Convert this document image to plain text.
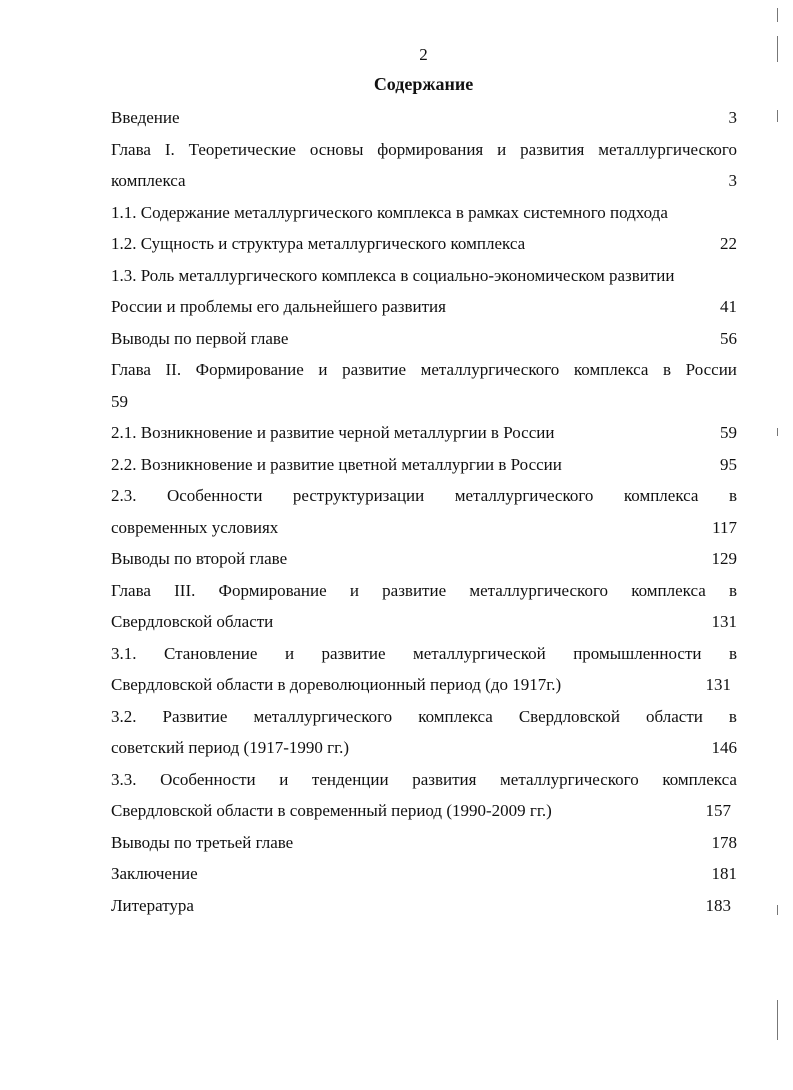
2
Содержание
Введение	3
Глава I. Теоретические основы формирования и развития металлургического
комплекса	3
1.1. Содержание металлургического комплекса в рамках системного подхода
1.2. Сущность и структура металлургического комплекса	22
1.3. Роль металлургического комплекса в социально-экономическом развитии
России и проблемы его дальнейшего развития	41
Выводы по первой главе	56
Глава II. Формирование и развитие металлургического комплекса в России
59
2.1. Возникновение и развитие черной металлургии в России	59
2.2. Возникновение и развитие цветной металлургии в России	95
2.3. Особенности реструктуризации металлургического комплекса в
современных условиях	117
Выводы по второй главе	129
Глава III. Формирование и развитие металлургического комплекса в
Свердловской области	131
3.1. Становление и развитие металлургической промышленности в
Свердловской области в дореволюционный период (до 1917г.)	131
3.2. Развитие металлургического комплекса Свердловской области в
советский период (1917-1990 гг.)	146
3.3. Особенности и тенденции развития металлургического комплекса
Свердловской области в современный период (1990-2009 гг.)	157
Выводы по третьей главе	178
Заключение	181
Литература	183
